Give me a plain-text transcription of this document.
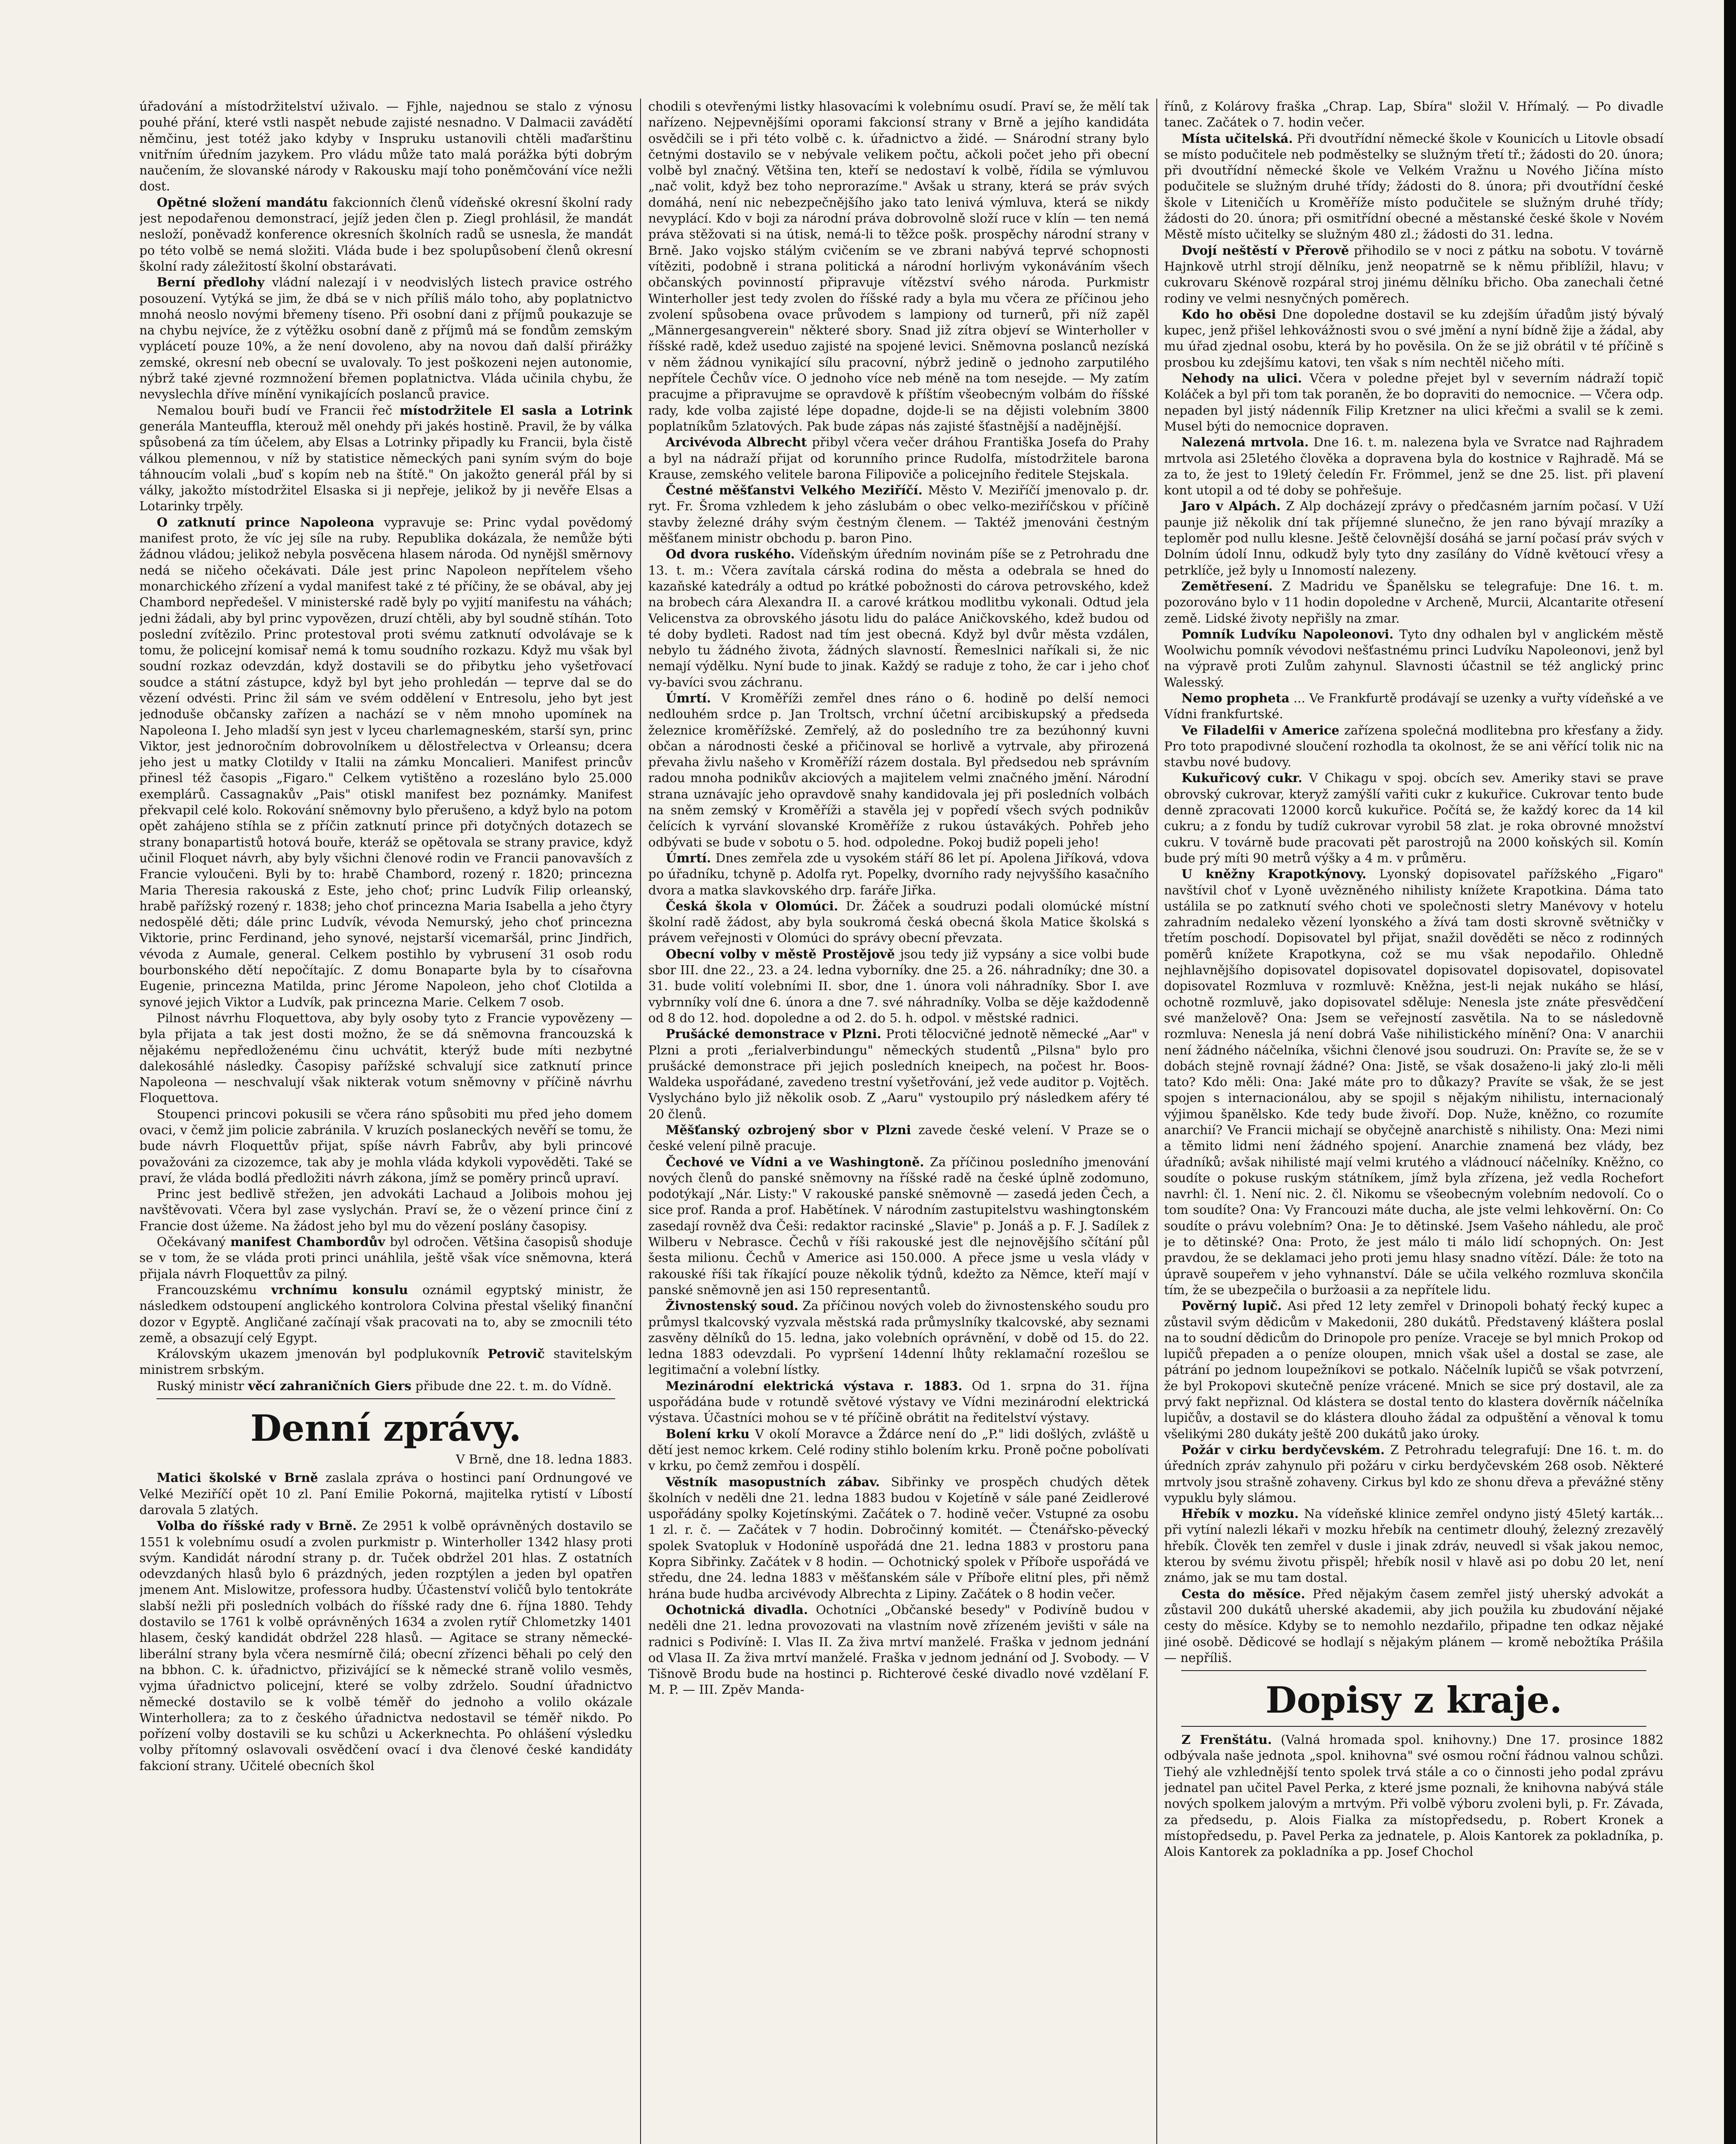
úřadování a místodržitelství uživalo. — Fjhle, najednou se stalo z výnosu pouhé přání, které vstli naspět nebude zajisté nesnadno. V Dalmacii zavádětí němčinu, jest totéž jako kdyby v Inspruku ustanovili chtěli maďarštinu vnitřním úředním jazykem. Pro vládu může tato malá porážka býti dobrým naučením, že slovanské národy v Rakousku mají toho poněmčování více nežli dost.

Opětné složení mandátu fakcionních členů vídeňské okresní školní rady jest nepodařenou demonstrací, jejíž jeden člen p. Ziegl prohlásil, že mandát nesloží, poněvadž konference okresních školních radů se usnesla, že mandát po této volbě se nemá složiti. Vláda bude i bez spolupůsobení členů okresní školní rady záležitostí školní obstarávati.

Berní předlohy vládní nalezají i v neodvislých listech pravice ostrého posouzení. Vytýká se jim, že dbá se v nich příliš málo toho, aby poplatnictvo mnohá neoslo novými břemeny tíseno. Při osobní dani z příjmů poukazuje se na chybu nejvíce, že z výtěžku osobní daně z příjmů má se fondům zemským vyplácetí pouze 10%, a že není dovoleno, aby na novou daň další přirážky zemské, okresní neb obecní se uvalovaly. To jest poškozeni nejen autonomie, nýbrž také zjevné rozmnožení břemen poplatnictva. Vláda učinila chybu, že nevyslechla dříve mínění vynikajících poslanců pravice.

Nemalou bouři budí ve Francii řeč místodržitele El sasla a Lotrink generála Manteuffla, kterouž měl onehdy při jakés hostině. Pravil, že by válka spůsobená za tím účelem, aby Elsas a Lotrinky připadly ku Francii, byla čistě válkou plemennou, v níž by statistice německých pani syním svým do boje táhnoucím volali „buď s kopím neb na štítě." On jakožto generál přál by si války, jakožto místodržitel Elsaska si ji nepřeje, jelikož by ji nevěře Elsas a Lotarinky trpěly.

O zatknutí prince Napoleona vypravuje se: Princ vydal povědomý manifest proto, že víc jej síle na ruby. Republika dokázala, že nemůže býti žádnou vládou; jelikož nebyla posvěcena hlasem národa. Od nynějšl směrnovy nedá se ničeho očekávati. Dále jest princ Napoleon nepřítelem všeho monarchického zřízení a vydal manifest také z té příčiny, že se obával, aby jej Chambord nepředešel. V ministerské radě byly po vyjití manifestu na váhách; jedni žádali, aby byl princ vypovězen, druzí chtěli, aby byl soudně stíhán. Toto poslední zvítězilo. Princ protestoval proti svému zatknutí odvolávaje se k tomu, že policejní komisař nemá k tomu soudního rozkazu. Když mu však byl soudní rozkaz odevzdán, když dostavili se do přibytku jeho vyšetřovací soudce a státní zástupce, když byl byt jeho prohledán — teprve dal se do vězení odvésti. Princ žil sám ve svém oddělení v Entresolu, jeho byt jest jednoduše občansky zařízen a nachází se v něm mnoho upomínek na Napoleona I. Jeho mladší syn jest v lyceu charlemagneském, starší syn, princ Viktor, jest jednoročním dobrovolníkem u dělostřelectva v Orleansu; dcera jeho jest u matky Clotildy v Italii na zámku Moncalieri. Manifest princův přinesl též časopis „Figaro." Celkem vytištěno a rozesláno bylo 25.000 exemplárů. Cassagnakův „Pais" otiskl manifest bez poznámky. Manifest překvapil celé kolo. Rokování sněmovny bylo přerušeno, a když bylo na potom opět zahájeno stíhla se z příčin zatknutí prince při dotyčných dotazech se strany bonapartistů hotová bouře, kteráž se opětovala se strany pravice, když učinil Floquet návrh, aby byly všichni členové rodin ve Francii panovavších z Francie vyloučeni. Byli by to: hrabě Chambord, rozený r. 1820; princezna Maria Theresia rakouská z Este, jeho choť; princ Ludvík Filip orleanský, hrabě pařížský rozený r. 1838; jeho choť princezna Maria Isabella a jeho čtyry nedospělé děti; dále princ Ludvík, vévoda Nemurský, jeho choť princezna Viktorie, princ Ferdinand, jeho synové, nejstarší vicemaršál, princ Jindřich, vévoda z Aumale, general. Celkem postihlo by vybrusení 31 osob rodu bourbonského dětí nepočítajíc. Z domu Bonaparte byla by to císařovna Eugenie, princezna Matilda, princ Jérome Napoleon, jeho choť Clotilda a synové jejich Viktor a Ludvík, pak princezna Marie. Celkem 7 osob.

Pilnost návrhu Floquettova, aby byly osoby tyto z Francie vypovězeny — byla přijata a tak jest dosti možno, že se dá sněmovna francouzská k nějakému nepředloženému činu uchvátit, kterýž bude míti nezbytné dalekosáhlé následky. Časopisy pařížské schvalují sice zatknutí prince Napoleona — neschvalují však nikterak votum sněmovny v příčině návrhu Floquettova.

Stoupenci princovi pokusili se včera ráno spůsobiti mu před jeho domem ovaci, v čemž jim policie zabránila. V kruzích poslaneckých nevěří se tomu, že bude návrh Floquettův přijat, spíše návrh Fabrův, aby byli princové považováni za cizozemce, tak aby je mohla vláda kdykoli vypověděti. Také se praví, že vláda bodlá předložiti návrh zákona, jímž se poměry princů upraví.

Princ jest bedlivě střežen, jen advokáti Lachaud a Jolibois mohou jej navštěvovati. Včera byl zase vyslychán. Praví se, že o vězení prince činí z Francie dost úžeme. Na žádost jeho byl mu do vězení poslány časopisy.

Očekávaný manifest Chambordův byl odročen. Většina časopisů shoduje se v tom, že se vláda proti princi unáhlila, ještě však více sněmovna, která přijala návrh Floquettův za pilný.

Francouzskému vrchnímu konsulu oznámil egyptský ministr, že následkem odstoupení anglického kontrolora Colvina přestal všeliký finanční dozor v Egyptě. Angličané začínají však pracovati na to, aby se zmocnili této země, a obsazují celý Egypt.

Královským ukazem jmenován byl podplukovník Petrovič stavitelským ministrem srbským.

Ruský ministr věcí zahraničních Giers přibude dne 22. t. m. do Vídně.

Denní zprávy.
V Brně, dne 18. ledna 1883.

Matici školské v Brně zaslala zpráva o hostinci paní Ordnungové ve Velké Meziříčí opět 10 zl. Paní Emilie Pokorná, majitelka rytistí v Líbostí darovala 5 zlatých.

Volba do říšské rady v Brně. Ze 2951 k volbě oprávněných dostavilo se 1551 k volebnímu osudí a zvolen purkmistr p. Winterholler 1342 hlasy proti svým. Kandidát národní strany p. dr. Tuček obdržel 201 hlas. Z ostatních odevzdaných hlasů bylo 6 prázdných, jeden rozptýlen a jeden byl opatřen jmenem Ant. Mislowitze, professora hudby. Účastenství voličů bylo tentokráte slabší nežli při posledních volbách do říšské rady dne 6. října 1880. Tehdy dostavilo se 1761 k volbě oprávněných 1634 a zvolen rytíř Chlometzky 1401 hlasem, český kandidát obdržel 228 hlasů. — Agitace se strany německé-liberální strany byla včera nesmírně čilá; obecní zřízenci běhali po celý den na bbhon. C. k. úřadnictvo, přizivájící se k německé straně volilo vesměs, vyjma úřadnictvo policejní, které se volby zdrželo. Soudní úřadnictvo německé dostavilo se k volbě téměř do jednoho a volilo okázale Winterhollera; za to z českého úřadnictva nedostavil se téměř nikdo. Po pořízení volby dostavili se ku schůzi u Ackerknechta. Po ohlášení výsledku volby přítomný oslavovali osvědčení ovací i dva členové české kandidáty fakcioní strany. Učitelé obecních škol

chodili s otevřenými listky hlasovacími k volebnímu osudí. Praví se, že mělí tak nařízeno. Nejpevnějšími oporami fakcionsí strany v Brně a jejího kandidáta osvědčili se i při této volbě c. k. úřadnictvo a židé. — Snárodní strany bylo četnými dostavilo se v nebývale velikem počtu, ačkoli počet jeho při obecní volbě byl značný. Většina ten, kteří se nedostaví k volbě, řídila se výmluvou „nač volit, když bez toho neprorazíme." Avšak u strany, která se práv svých domáhá, není nic nebezpečnějšího jako tato lenivá výmluva, která se nikdy nevyplácí. Kdo v boji za národní práva dobrovolně složí ruce v klín — ten nemá práva stěžovati si na útisk, nemá-li to těžce pošk. prospěchy národní strany v Brně. Jako vojsko stálým cvičením se ve zbrani nabývá teprvé schopnosti vítěziti, podobně i strana politická a národní horlivým vykonáváním všech občanských povinností připravuje vítězství svého národa. Purkmistr Winterholler jest tedy zvolen do říšské rady a byla mu včera ze příčinou jeho zvolení spůsobena ovace průvodem s lampiony od turnerů, při níž zapěl „Männergesangverein" některé sbory. Snad již zítra objeví se Winterholler v říšské radě, kdež useduo zajisté na spojené levici. Sněmovna poslanců nezíská v něm žádnou vynikající sílu pracovní, nýbrž jedině o jednoho zarputilého nepřítele Čechův více. O jednoho více neb méně na tom nesejde. — My zatím pracujme a připravujme se opravdově k příštím všeobecným volbám do říšské rady, kde volba zajisté lépe dopadne, dojde-li se na dějisti volebním 3800 poplatníkům 5zlatových. Pak bude zápas nás zajisté šťastnější a nadějnější.

Arcivévoda Albrecht přibyl včera večer dráhou Františka Josefa do Prahy a byl na nádraží přijat od korunního prince Rudolfa, místodržitele barona Krause, zemského velitele barona Filipoviče a policejního ředitele Stejskala.

Čestné měšťanstvi Velkého Meziříčí. Město V. Meziříčí jmenovalo p. dr. ryt. Fr. Šroma vzhledem k jeho záslubám o obec velko-meziříčskou v příčině stavby železné dráhy svým čestným členem. — Taktéž jmenováni čestným měšťanem ministr obchodu p. baron Pino.

Od dvora ruského. Vídeňským úředním novinám píše se z Petrohradu dne 13. t. m.: Včera zavítala cárská rodina do města a odebrala se hned do kazaňské katedrály a odtud po krátké pobožnosti do cárova petrovského, kdež na brobech cára Alexandra II. a carové krátkou modlitbu vykonali. Odtud jela Velicenstva za obrovského jásotu lidu do paláce Aničkovského, kdež budou od té doby bydleti. Radost nad tím jest obecná. Když byl dvůr města vzdálen, nebylo tu žádného života, žádných slavností. Řemeslnici naříkali si, že nic nemají výdělku. Nyní bude to jinak. Každý se raduje z toho, že car i jeho choť vy-bavíci svou záchranu.

Úmrtí. V Kroměříži zemřel dnes ráno o 6. hodině po delší nemoci nedlouhém srdce p. Jan Troltsch, vrchní účetní arcibiskupský a předseda železnice kroměřížské. Zemřelý, až do posledního tre za bezúhonný kuvni občan a národnosti české a přičinoval se horlivě a vytrvale, aby přirozená převaha živlu našeho v Kroměříží rázem dostala. Byl předsedou neb správním radou mnoha podnikův akciových a majitelem velmi značného jmění. Národní strana uznávajíc jeho opravdově snahy kandidovala jej při posledních volbách na sněm zemský v Kroměříži a stavěla jej v popředí všech svých podnikův čelících k vyrvání slovanské Kroměříže z rukou ústavákých. Pohřeb jeho odbývati se bude v sobotu o 5. hod. odpoledne. Pokoj budiž popeli jeho!

Úmrtí. Dnes zemřela zde u vysokém stáří 86 let pí. Apolena Jiříková, vdova po úřadníku, tchyně p. Adolfa ryt. Popelky, dvorního rady nejvyššího kasačního dvora a matka slavkovského drp. faráře Jiřka.

Česká škola v Olomúci. Dr. Žáček a soudruzi podali olomúcké místní školní radě žádost, aby byla soukromá česká obecná škola Matice školská s právem veřejnosti v Olomúci do správy obecní převzata.

Obecní volby v městě Prostějově jsou tedy již vypsány a sice volbi bude sbor III. dne 22., 23. a 24. ledna vyborníky. dne 25. a 26. náhradníky; dne 30. a 31. bude volití volebními II. sbor, dne 1. února voli náhradníky. Sbor I. ave vybrnníky volí dne 6. února a dne 7. své náhradníky. Volba se děje každodenně od 8 do 12. hod. dopoledne a od 2. do 5. h. odpol. v městské radnici.

Prušácké demonstrace v Plzni. Proti tělocvičné jednotě německé „Aar" v Plzni a proti „ferialverbindungu" německých studentů „Pilsna" bylo pro prušácké demonstrace při jejich posledních kneipech, na počest hr. Boos-Waldeka uspořádané, zavedeno trestní vyšetřování, jež vede auditor p. Vojtěch. Vyslycháno bylo již několik osob. Z „Aaru" vystoupilo prý následkem aféry té 20 členů.

Měšťanský ozbrojený sbor v Plzni zavede české velení. V Praze se o české velení pilně pracuje.

Čechové ve Vídni a ve Washingtoně. Za příčinou posledního jmenování nových členů do panské sněmovny na říšské radě na české úplně zodomuno, podotýkají „Nár. Listy:" V rakouské panské sněmovně — zasedá jeden Čech, a sice prof. Randa a prof. Habětínek. V národním zastupitelstvu washingtonském zasedají rovněž dva Češi: redaktor racinské „Slavie" p. Jonáš a p. F. J. Sadílek z Wilberu v Nebrasce. Čechů v říši rakouské jest dle nejnovějšího sčítání půl šesta milionu. Čechů v Americe asi 150.000. A přece jsme u vesla vlády v rakouské říši tak říkající pouze několik týdnů, kdežto za Němce, kteří mají v panské sněmovně jen asi 150 representantů.

Živnostenský soud. Za příčinou nových voleb do živnostenského soudu pro průmysl tkalcovský vyzvala městská rada průmyslníky tkalcovské, aby seznami zasvěny dělníků do 15. ledna, jako volebních oprávnění, v době od 15. do 22. ledna 1883 odevzdali. Po vypršení 14denní lhůty reklamační rozešlou se legitimační a volební lístky.

Mezinárodní elektrická výstava r. 1883. Od 1. srpna do 31. října uspořádána bude v rotundě světové výstavy ve Vídni mezinárodní elektrická výstava. Účastníci mohou se v té příčině obrátit na ředitelství výstavy.

Bolení krku V okolí Moravce a Ždárce není do „P." lidi došlých, zvláště u dětí jest nemoc krkem. Celé rodiny stihlo bolením krku. Proně počne pobolívati v krku, po čemž zemřou i dospělí.

Věstník masopustních zábav. Sibřinky ve prospěch chudých dětek školních v neděli dne 21. ledna 1883 budou v Kojetíně v sále pané Zeidlerové uspořádány spolky Kojetínskými. Začátek o 7. hodině večer. Vstupné za osobu 1 zl. r. č. — Začátek v 7 hodin. Dobročinný komitét. — Čtenářsko-pěvecký spolek Svatopluk v Hodoníně uspořádá dne 21. ledna 1883 v prostoru pana Kopra Sibřinky. Začátek v 8 hodin. — Ochotnický spolek v Příboře uspořádá ve středu, dne 24. ledna 1883 v měšťanském sále v Příboře elitní ples, při němž hrána bude hudba arcivévody Albrechta z Lipiny. Začátek o 8 hodin večer.

Ochotnická divadla. Ochotníci „Občanské besedy" v Podivíně budou v neděli dne 21. ledna provozovati na vlastním nově zřízeném jevišti v sále na radnici s Podivíně: I. Vlas II. Za živa mrtví manželé. Fraška v jednom jednání od Vlasa II. Za živa mrtví manželé. Fraška v jednom jednání od J. Svobody. — V Tišnově Brodu bude na hostinci p. Richterové české divadlo nové vzdělaní F. M. P. — III. Zpěv Manda-

řínů, z Kolárovy fraška „Chrap. Lap, Sbíra" složil V. Hřímalý. — Po divadle tanec. Začátek o 7. hodin večer.

Místa učitelská. Při dvoutřídní německé škole v Kounicích u Litovle obsadí se místo podučitele neb podměstelky se služným třetí tř.; žádosti do 20. února; při dvoutřídní německé škole ve Velkém Vražnu u Nového Jičína místo podučitele se služným druhé třídy; žádosti do 8. února; při dvoutřídní české škole v Liteničích u Kroměříže místo podučitele se služným druhé třídy; žádosti do 20. února; při osmitřídní obecné a městanské české škole v Novém Městě místo učitelky se služným 480 zl.; žádosti do 31. ledna.

Dvojí neštěstí v Přerově přihodilo se v noci z pátku na sobotu. V továrně Hajnkově utrhl strojí dělníku, jenž neopatrně se k němu přiblížil, hlavu; v cukrovaru Skénově rozpáral stroj jinému dělníku břicho. Oba zanechali četné rodiny ve velmi nesnyčných poměrech.

Kdo ho oběsi Dne dopoledne dostavil se ku zdejším úřadům jistý bývalý kupec, jenž přišel lehkovážnosti svou o své jmění a nyní bídně žije a žádal, aby mu úřad zjednal osobu, která by ho pověsila. On že se již obrátil v té příčině s prosbou ku zdejšímu katovi, ten však s ním nechtěl ničeho míti.

Nehody na ulici. Včera v poledne přejet byl v severním nádraží topič Koláček a byl při tom tak poraněn, že bo dopraviti do nemocnice. — Včera odp. nepaden byl jistý nádenník Filip Kretzner na ulici křečmi a svalil se k zemi. Musel býti do nemocnice dopraven.

Nalezená mrtvola. Dne 16. t. m. nalezena byla ve Svratce nad Rajhradem mrtvola asi 25letého člověka a dopravena byla do kostnice v Rajhradě. Má se za to, že jest to 19letý čeledín Fr. Frömmel, jenž se dne 25. list. při plavení kont utopil a od té doby se pohřešuje.

Jaro v Alpách. Z Alp docházejí zprávy o předčasném jarním počasí. V Uží paunje již několik dní tak příjemné slunečno, že jen rano bývají mrazíky a teploměr pod nullu klesne. Ještě čelovnější dosáhá se jarní počasí práv svých v Dolním údolí Innu, odkudž byly tyto dny zasílány do Vídně květoucí vřesy a petrklíče, jež byly u Innomostí nalezeny.

Zemětřesení. Z Madridu ve Španělsku se telegrafuje: Dne 16. t. m. pozorováno bylo v 11 hodin dopoledne v Archeně, Murcii, Alcantarite otřesení země. Lidské životy nepřišly na zmar.

Pomník Ludvíku Napoleonovi. Tyto dny odhalen byl v anglickém městě Woolwichu pomník vévodovi nešťastnému princi Ludvíku Napoleonovi, jenž byl na výpravě proti Zulům zahynul. Slavnosti účastnil se též anglický princ Walesský.

Nemo propheta ... Ve Frankfurtě prodávají se uzenky a vuřty vídeňské a ve Vídni frankfurtské.

Ve Filadelfii v Americe zařízena společná modlitebna pro křesťany a židy. Pro toto prapodivné sloučení rozhodla ta okolnost, že se ani věřící tolik nic na stavbu nové budovy.

Kukuřicový cukr. V Chikagu v spoj. obcích sev. Ameriky stavi se prave obrovský cukrovar, kteryž zamýšlí vařiti cukr z kukuřice. Cukrovar tento bude denně zpracovati 12000 korců kukuřice. Počítá se, že každý korec da 14 kil cukru; a z fondu by tudíž cukrovar vyrobil 58 zlat. je roka obrovné množství cukru. V továrně bude pracovati pět parostrojů na 2000 koňských sil. Komín bude prý míti 90 metrů výšky a 4 m. v průměru.

U kněžny Krapotkýnovy. Lyonský dopisovatel pařížského „Figaro" navštívil choť v Lyoně uvězněného nihilisty knížete Krapotkina. Dáma tato ustálila se po zatknutí svého choti ve společnosti sletry Manévovy v hotelu zahradním nedaleko vězení lyonského a žívá tam dosti skrovně světničky v třetím poschodí. Dopisovatel byl přijat, snažil dověděti se něco z rodinných poměrů knížete Krapotkyna, což se mu však nepodařilo. Ohledně nejhlavnějšího dopisovatel dopisovatel dopisovatel dopisovatel, dopisovatel dopisovatel Rozmluva v rozmluvě: Kněžna, jest-li nejak nukáho se hlásí, ochotně rozmluvě, jako dopisovatel sděluje: Nenesla jste znáte přesvědčení své manželově? Ona: Jsem se veřejností zasvětila. Na to se následovně rozmluva: Nenesla já není dobrá Vaše nihilistického mínění? Ona: V anarchii není žádného náčelníka, všichni členové jsou soudruzi. On: Pravíte se, že se v dobách stejně rovnají žádné? Ona: Jistě, se však dosaženo-li jaký zlo-li měli tato? Kdo měli: Ona: Jaké máte pro to důkazy? Pravíte se však, že se jest spojen s internacionálou, aby se spojil s nějakým nihilistu, internacionalý výjimou španělsko. Kde tedy bude živoří. Dop. Nuže, kněžno, co rozumíte anarchií? Ve Francii michají se obyčejně anarchistě s nihilisty. Ona: Mezi nimi a těmito lidmi není žádného spojení. Anarchie znamená bez vlády, bez úřadníků; avšak nihilisté mají velmi krutého a vládnoucí náčelníky. Kněžno, co soudíte o pokuse ruským státníkem, jímž byla zřízena, jež vedla Rochefort navrhl: čl. 1. Není nic. 2. čl. Nikomu se všeobecným volebním nedovolí. Co o tom soudíte? Ona: Vy Francouzi máte ducha, ale jste velmi lehkověrní. On: Co soudíte o právu volebním? Ona: Je to dětinské. Jsem Vašeho náhledu, ale proč je to dětinské? Ona: Proto, že jest málo ti málo lidí schopných. On: Jest pravdou, že se deklamaci jeho proti jemu hlasy snadno vítězí. Dále: že toto na úpravě soupeřem v jeho vyhnanství. Dále se učila velkého rozmluva skončila tím, že se ubezpečila o buržoasii a za nepřítele lidu.

Pověrný lupič. Asi před 12 lety zemřel v Drinopoli bohatý řecký kupec a zůstavil svým dědicům v Makedonii, 280 dukátů. Představený kláštera poslal na to soudní dědicům do Drinopole pro peníze. Vraceje se byl mnich Prokop od lupičů přepaden a o peníze oloupen, mnich však ušel a dostal se zase, ale pátrání po jednom loupežníkovi se potkalo. Náčelník lupičů se však potvrzení, že byl Prokopovi skutečně peníze vrácené. Mnich se sice prý dostavil, ale za prvý fakt nepřiznal. Od klástera se dostal tento do klastera dověrník náčelníka lupičův, a dostavil se do klástera dlouho žádal za odpuštění a věnoval k tomu všelikými 280 dukáty ještě 200 dukátů jako úroky.

Požár v cirku berdyčevském. Z Petrohradu telegrafují: Dne 16. t. m. do úředních zpráv zahynulo při požáru v cirku berdyčevském 268 osob. Některé mrtvoly jsou strašně zohaveny. Cirkus byl kdo ze shonu dřeva a převážné stěny vypuklu byly slámou.

Hřebík v mozku. Na vídeňské klinice zemřel ondyno jistý 45letý karták... při vytíní nalezli lékaři v mozku hřebík na centimetr dlouhý, železný zrezavělý hřebík. Člověk ten zemřel v dusle i jinak zdráv, neuvedl si však jakou nemoc, kterou by svému životu přispěl; hřebík nosil v hlavě asi po dobu 20 let, není známo, jak se mu tam dostal.

Cesta do měsíce. Před nějakým časem zemřel jistý uherský advokát a zůstavil 200 dukátů uherské akademii, aby jich použila ku zbudování nějaké cesty do měsíce. Kdyby se to nemohlo nezdařilo, připadne ten odkaz nějaké jiné osobě. Dědicové se hodlají s nějakým plánem — kromě nebožtíka Prášila — nepříliš.

Dopisy z kraje.

Z Frenštátu. (Valná hromada spol. knihovny.) Dne 17. prosince 1882 odbývala naše jednota „spol. knihovna" své osmou roční řádnou valnou schůzi. Tiehý ale vzhlednější tento spolek trvá stále a co o činnosti jeho podal zprávu jednatel pan učitel Pavel Perka, z které jsme poznali, že knihovna nabývá stále nových spolkem jalovým a mrtvým. Při volbě výboru zvoleni byli, p. Fr. Závada, za předsedu, p. Alois Fialka za místopředsedu, p. Robert Kronek a místopředsedu, p. Pavel Perka za jednatele, p. Alois Kantorek za pokladníka, p. Alois Kantorek za pokladníka a pp. Josef Chochol
